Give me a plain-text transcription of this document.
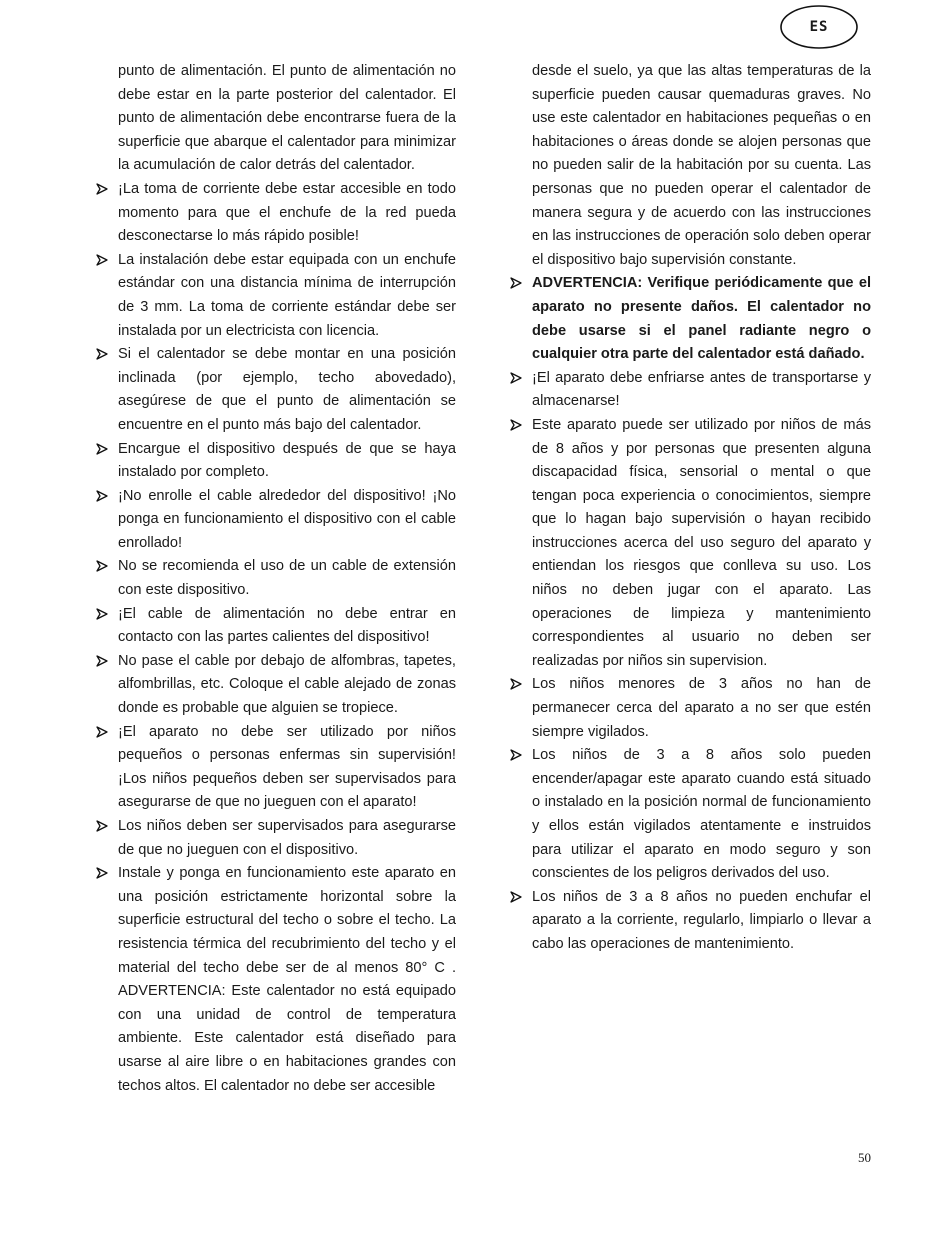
ES

punto de alimentación. El punto de alimentación no debe estar en la parte posterior del calentador. El punto de alimentación debe encontrarse fuera de la superficie que abarque el calentador para minimizar la acumulación de calor detrás del calentador.

¡La toma de corriente debe estar accesible en todo momento para que el enchufe de la red pueda desconectarse lo más rápido posible!
La instalación debe estar equipada con un enchufe estándar con una distancia mínima de interrupción de 3 mm. La toma de corriente estándar debe ser instalada por un electricista con licencia.
Si el calentador se debe montar en una posición inclinada (por ejemplo, techo abovedado), asegúrese de que el punto de alimentación se encuentre en el punto más bajo del calentador.
Encargue el dispositivo después de que se haya instalado por completo.
¡No enrolle el cable alrededor del dispositivo! ¡No ponga en funcionamiento el dispositivo con el cable enrollado!
No se recomienda el uso de un cable de extensión con este dispositivo.
¡El cable de alimentación no debe entrar en contacto con las partes calientes del dispositivo!
No pase el cable por debajo de alfombras, tapetes, alfombrillas, etc. Coloque el cable alejado de zonas donde es probable que alguien se tropiece.
¡El aparato no debe ser utilizado por niños pequeños o personas enfermas sin supervisión! ¡Los niños pequeños deben ser supervisados para asegurarse de que no jueguen con el aparato!
Los niños deben ser supervisados para asegurarse de que no jueguen con el dispositivo.
Instale y ponga en funcionamiento este aparato en una posición estrictamente horizontal sobre la superficie estructural del techo o sobre el techo. La resistencia térmica del recubrimiento del techo y el material del techo debe ser de al menos 80° C . ADVERTENCIA: Este calentador no está equipado con una unidad de control de temperatura ambiente. Este calentador está diseñado para usarse al aire libre o en habitaciones grandes con techos altos. El calentador no debe ser accesible

desde el suelo, ya que las altas temperaturas de la superficie pueden causar quemaduras graves. No use este calentador en habitaciones pequeñas o en habitaciones o áreas donde se alojen personas que no pueden salir de la habitación por su cuenta. Las personas que no pueden operar el calentador de manera segura y de acuerdo con las instrucciones en las instrucciones de operación solo deben operar el dispositivo bajo supervisión constante.

ADVERTENCIA: Verifique periódicamente que el aparato no presente daños. El calentador no debe usarse si el panel radiante negro o cualquier otra parte del calentador está dañado.
¡El aparato debe enfriarse antes de transportarse y almacenarse!
Este aparato puede ser utilizado por niños de más de 8 años y por personas que presenten alguna discapacidad física, sensorial o mental o que tengan poca experiencia o conocimientos, siempre que lo hagan bajo supervisión o hayan recibido instrucciones acerca del uso seguro del aparato y entiendan los riesgos que conlleva su uso. Los niños no deben jugar con el aparato. Las operaciones de limpieza y mantenimiento correspondientes al usuario no deben ser realizadas por niños sin supervision.
Los niños menores de 3 años no han de permanecer cerca del aparato a no ser que estén siempre vigilados.
Los niños de 3 a 8 años solo pueden encender/apagar este aparato cuando está situado o instalado en la posición normal de funcionamiento y ellos están vigilados atentamente e instruidos para utilizar el aparato en modo seguro y son conscientes de los peligros derivados del uso.
Los niños de 3 a 8 años no pueden enchufar el aparato a la corriente, regularlo, limpiarlo o llevar a cabo las operaciones de mantenimiento.
50
